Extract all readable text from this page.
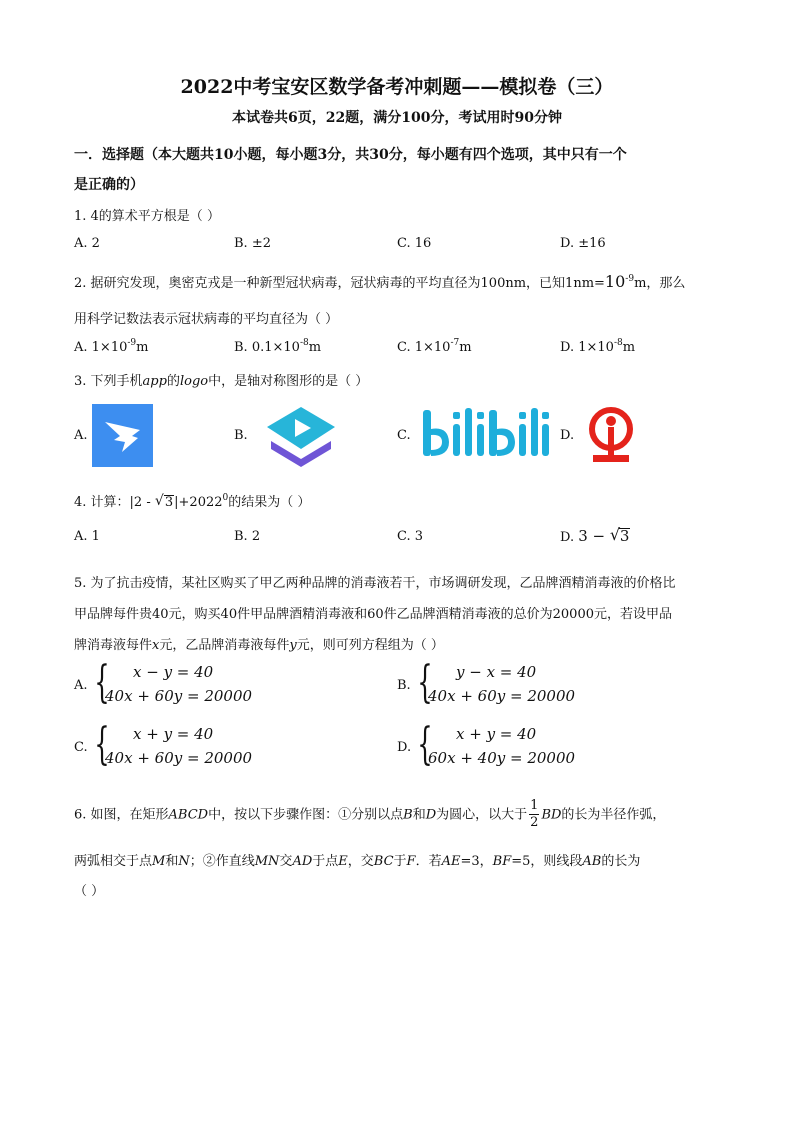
2022中考宝安区数学备考冲刺题——模拟卷（三）
本试卷共6页，22题，满分100分，考试用时90分钟
一．选择题（本大题共10小题，每小题3分，共30分，每小题有四个选项，其中只有一个
是正确的）
1. 4的算术平方根是（ ）
A. 2	B. ±2	C. 16	D. ±16
2. 据研究发现，奥密克戎是一种新型冠状病毒，冠状病毒的平均直径为100nm，已知$1nm=10^{-9}m$，那么
用科学记数法表示冠状病毒的平均直径为（ ）
A. $1\times 10^{-9}m$	B. $0.1\times 10^{-8}m$	C. $1\times 10^{-7}m$	D. $1\times 10^{-8}m$
3. 下列手机app的logo中，是轴对称图形的是（ ）
A.	B.	C.	D.
4. 计算：|2 - √ $3|+2022^0$的结果为（ ）
A. 1	B. 2	C. 3	D. 3 − √ 3
5. 为了抗击疫情，某社区购买了甲乙两种品牌的消毒液若干，市场调研发现，乙品牌酒精消毒液的价格比
甲品牌每件贵40元，购买40件甲品牌酒精消毒液和60件乙品牌酒精消毒液的总价为20000元，若设甲品
牌消毒液每件x元，乙品牌消毒液每件y元，则可列方程组为（ ）
A. { x − y = 40
40x + 60y = 20000
B. { y − x = 40
40x + 60y = 20000
C. { x + y = 40
40x + 60y = 20000
D. { x + y = 40
60x + 40y = 20000
6. 如图，在矩形ABCD中，按以下步骤作图：①分别以点B和D为圆心，以大于 $\frac{1}{2}$ BD的长为半径作弧，
两弧相交于点M和N；②作直线MN交AD于点E，交BC于F．若AE=3，BF=5，则线段AB的长为
（ ）
